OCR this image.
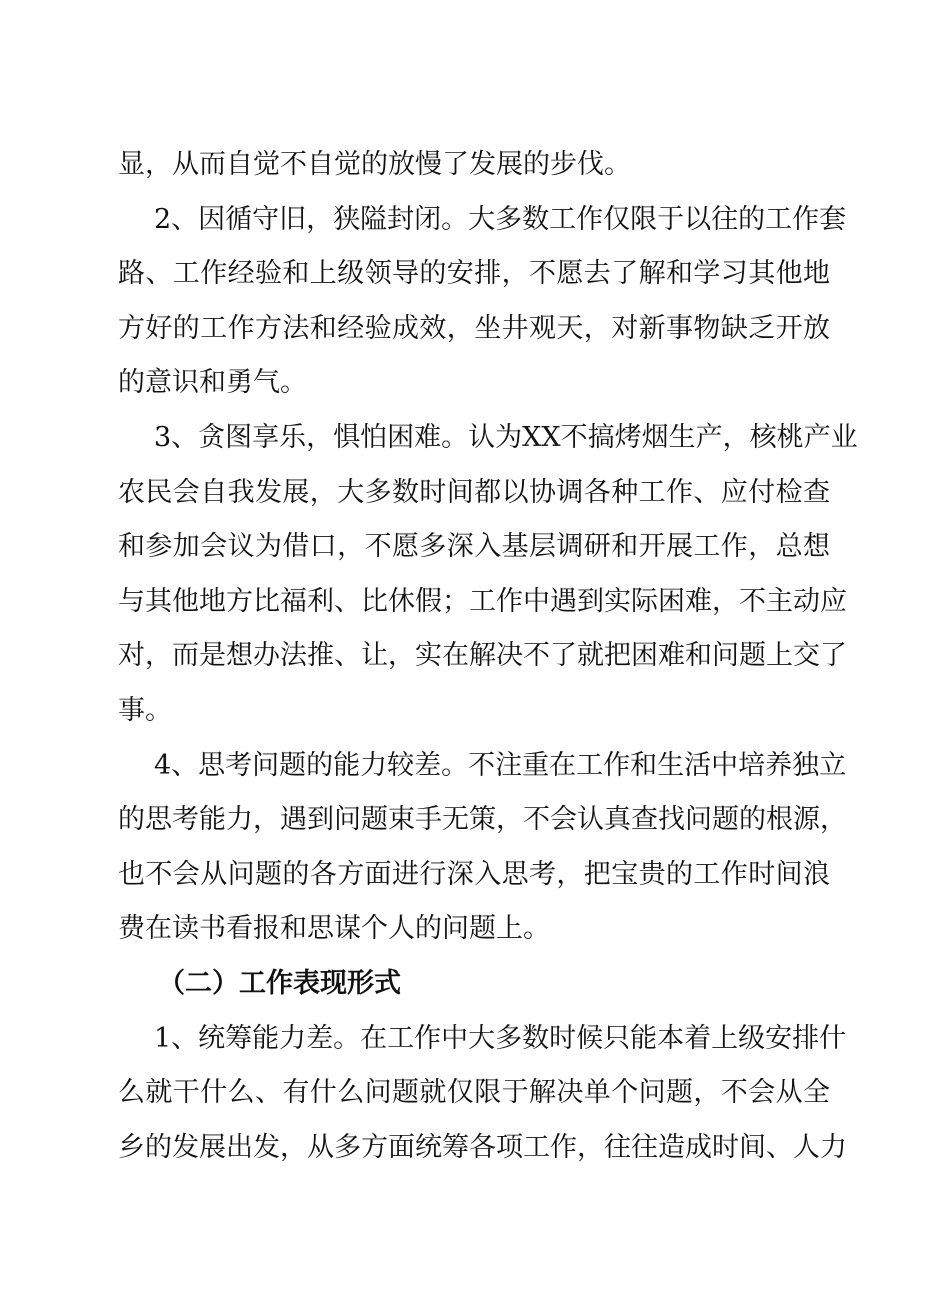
显，从而自觉不自觉的放慢了发展的步伐。
2、因循守旧，狭隘封闭。大多数工作仅限于以往的工作套
路、工作经验和上级领导的安排，不愿去了解和学习其他地
方好的工作方法和经验成效，坐井观天，对新事物缺乏开放
的意识和勇气。
3、贪图享乐，惧怕困难。认为XX不搞烤烟生产，核桃产业
农民会自我发展，大多数时间都以协调各种工作、应付检查
和参加会议为借口，不愿多深入基层调研和开展工作，总想
与其他地方比福利、比休假；工作中遇到实际困难，不主动应
对，而是想办法推、让，实在解决不了就把困难和问题上交了
事。
4、思考问题的能力较差。不注重在工作和生活中培养独立
的思考能力，遇到问题束手无策，不会认真查找问题的根源，
也不会从问题的各方面进行深入思考，把宝贵的工作时间浪
费在读书看报和思谋个人的问题上。
（二）工作表现形式
1、统筹能力差。在工作中大多数时候只能本着上级安排什
么就干什么、有什么问题就仅限于解决单个问题，不会从全
乡的发展出发，从多方面统筹各项工作，往往造成时间、人力
